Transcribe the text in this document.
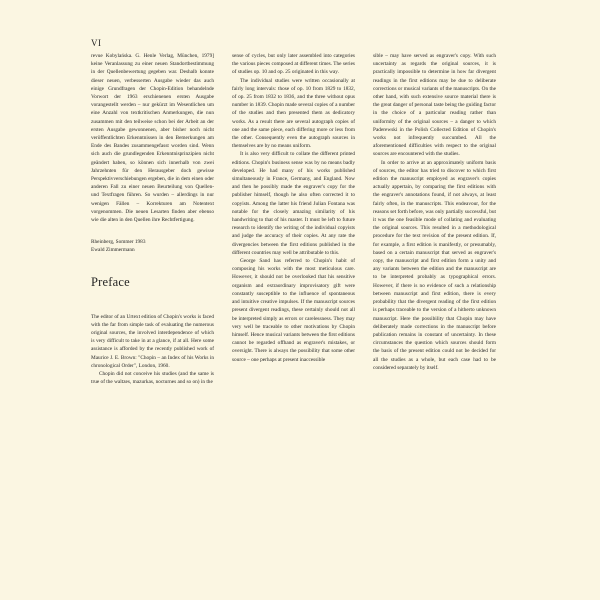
VI

revue Kobylańska. G. Henle Verlag, München, 1979] keine Veranlassung zu einer neuen Standortbestimmung in der Quellenbewertung gegeben war. Deshalb konnte dieser neuen, verbesserten Ausgabe wieder das auch einige Grundfragen der Chopin-Edition behandelnde Vorwort der 1963 erschienenen ersten Ausgabe vorangestellt werden – nur gekürzt im Wesentlichen um eine Anzahl von textkritischen Anmerkungen, die nun zusammen mit den teilweise schon bei der Arbeit an der ersten Ausgabe gewonnenen, aber bisher noch nicht veröffentlichten Erkenntnissen in den Bemerkungen am Ende des Bandes zusammengefasst worden sind. Wenn sich auch die grundlegenden Erkenntnisprinzipien nicht geändert haben, so können sich innerhalb von zwei Jahrzehnten für den Herausgeber doch gewisse Perspektivverschiebungen ergeben, die in dem einen oder anderen Fall zu einer neuen Beurteilung von Quellen- und Textfragen führen. So wurden – allerdings in nur wenigen Fällen – Korrekturen am Notentext vorgenommen. Die neuen Lesarten finden aber ebenso wie die alten in den Quellen ihre Rechtfertigung.

Rheinberg, Sommer 1983
Ewald Zimmermann

Preface

The editor of an Urtext edition of Chopin's works is faced with the far from simple task of evaluating the numerous original sources, the involved interdependence of which is very difficult to take in at a glance, if at all. Here some assistance is afforded by the recently published work of Maurice J. E. Brown: "Chopin – an Index of his Works in chronological Order", London, 1960.

Chopin did not conceive his studies (and the same is true of the waltzes, mazurkas, nocturnes and so on) in the

sense of cycles, but only later assembled into categories the various pieces composed at different times. The series of studies op. 10 and op. 25 originated in this way.

The individual studies were written occasionally at fairly long intervals: those of op. 10 from 1829 to 1832, of op. 25 from 1832 to 1836, and the three without opus number in 1839. Chopin made several copies of a number of the studies and then presented them as dedicatory works. As a result there are several autograph copies of one and the same piece, each differing more or less from the other. Consequently even the autograph sources in themselves are by no means uniform.

It is also very difficult to collate the different printed editions. Chopin's business sense was by no means badly developed. He had many of his works published simultaneously in France, Germany, and England. Now and then he possibly made the engraver's copy for the publisher himself, though he also often corrected it to copyists. Among the latter his friend Julian Fontana was notable for the closely amazing similarity of his handwriting to that of his master. It must be left to future research to identify the writing of the individual copyists and judge the accuracy of their copies. At any rate the divergencies between the first editions published in the different countries may well be attributable to this.

George Sand has referred to Chopin's habit of composing his works with the most meticulous care. However, it should not be overlooked that his sensitive organism and extraordinary improvisatory gift were constantly susceptible to the influence of spontaneous and intuitive creative impulses. If the manuscript sources present divergent readings, these certainly should not all be interpreted simply as errors or carelessness. They may very well be traceable to other motivations by Chopin himself. Hence musical variants between the first editions cannot be regarded offhand as engraver's mistakes, or oversight. There is always the possibility that some other source – one perhaps at present inaccessible

sible – may have served as engraver's copy. With such uncertainty as regards the original sources, it is practically impossible to determine in how far divergent readings in the first editions may be due to deliberate corrections or musical variants of the manuscripts. On the other hand, with such extensive source material there is the great danger of personal taste being the guiding factor in the choice of a particular reading rather than uniformity of the original sources – a danger to which Paderewski in the Polish Collected Edition of Chopin's works not infrequently succumbed. All the aforementioned difficulties with respect to the original sources are encountered with the studies.

In order to arrive at an approximately uniform basis of sources, the editor has tried to discover to which first edition the manuscript employed as engraver's copies actually appertain, by comparing the first editions with the engraver's annotations found, if not always, at least fairly often, in the manuscripts. This endeavour, for the reasons set forth before, was only partially successful, but it was the one feasible mode of collating and evaluating the original sources. This resulted in a methodological procedure for the text revision of the present edition. If, for example, a first edition is manifestly, or presumably, based on a certain manuscript that served as engraver's copy, the manuscript and first edition form a unity and any variants between the edition and the manuscript are to be interpreted probably as typographical errors. However, if there is no evidence of such a relationship between manuscript and first edition, there is every probability that the divergent reading of the first edition is perhaps traceable to the version of a hitherto unknown manuscript. Here the possibility that Chopin may have deliberately made corrections in the manuscript before publication remains in constant of uncertainty. In these circumstances the question which sources should form the basis of the present edition could not be decided for all the studies as a whole, but each case had to be considered separately by itself.
